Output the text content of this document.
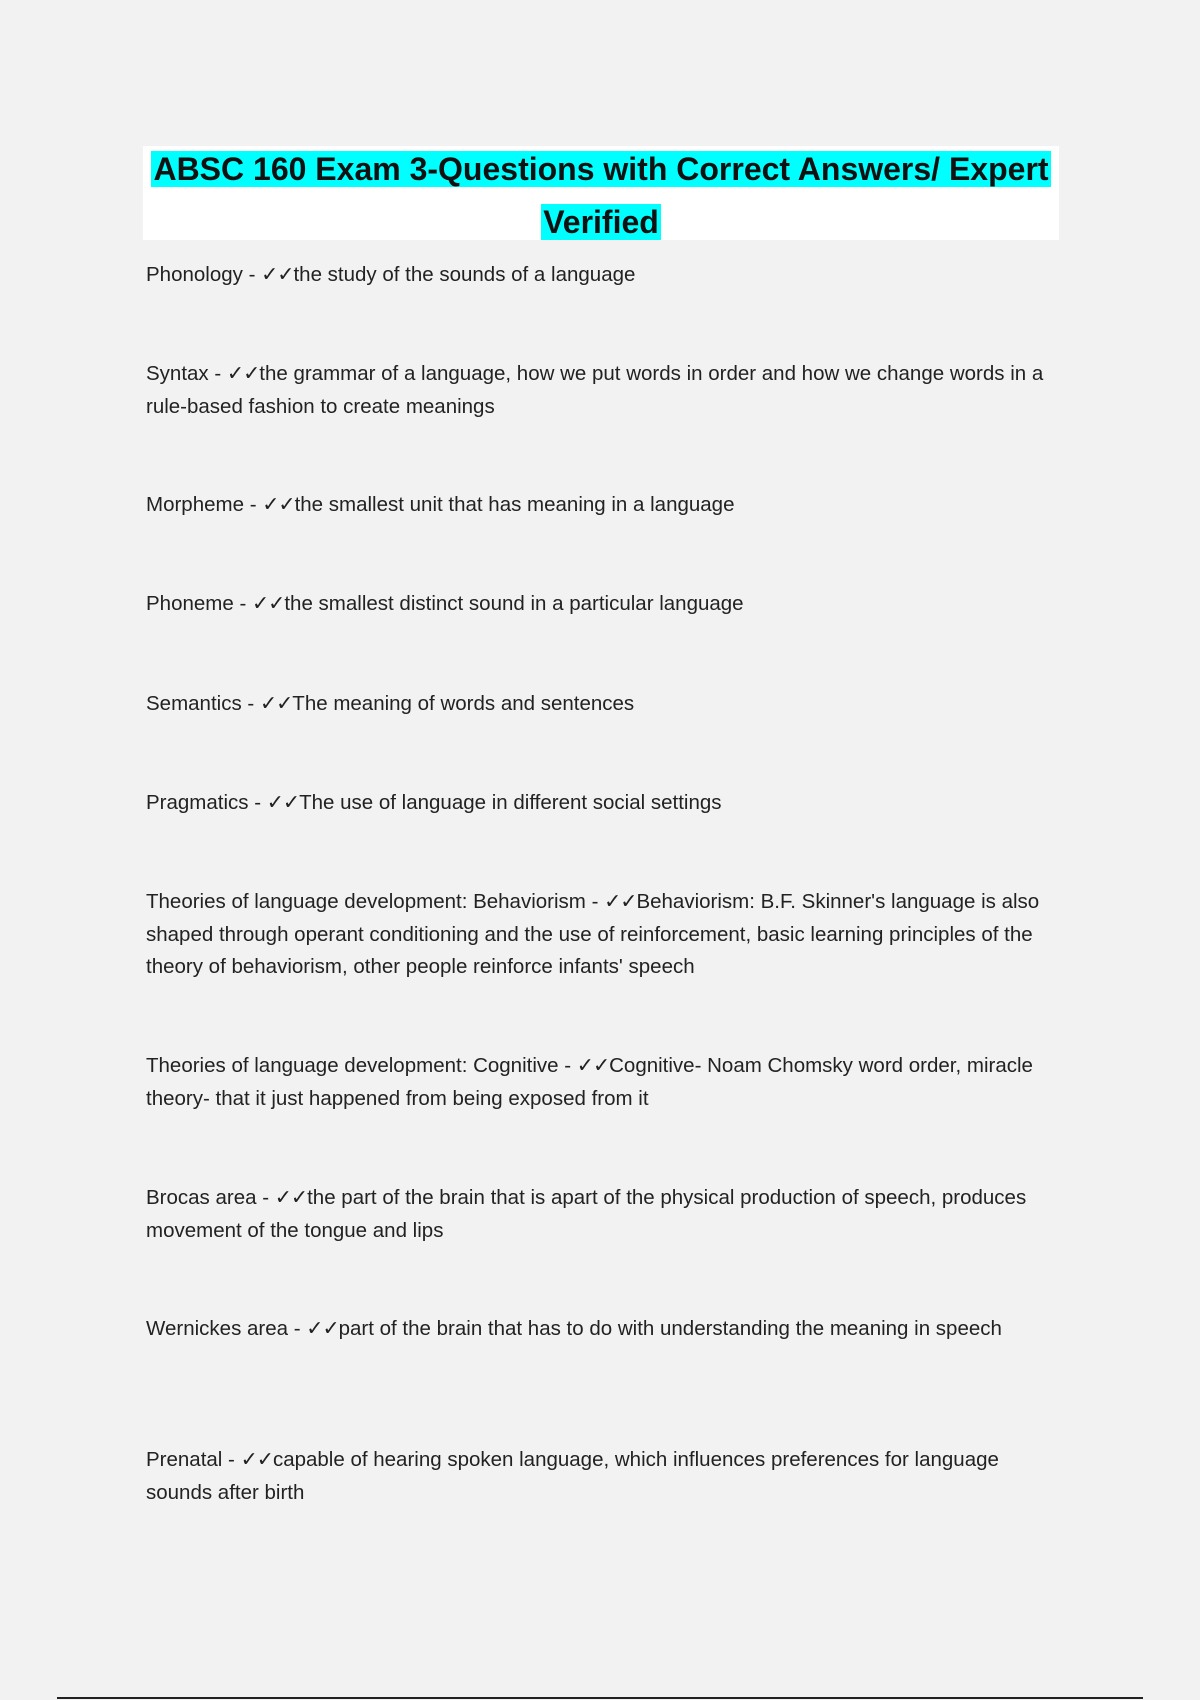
ABSC 160 Exam 3-Questions with Correct Answers/ Expert Verified
Phonology - ✓✓the study of the sounds of a language
Syntax - ✓✓the grammar of a language, how we put words in order and how we change words in a rule-based fashion to create meanings
Morpheme - ✓✓the smallest unit that has meaning in a language
Phoneme - ✓✓the smallest distinct sound in a particular language
Semantics - ✓✓The meaning of words and sentences
Pragmatics - ✓✓The use of language in different social settings
Theories of language development: Behaviorism - ✓✓Behaviorism: B.F. Skinner's language is also shaped through operant conditioning and the use of reinforcement, basic learning principles of the theory of behaviorism, other people reinforce infants' speech
Theories of language development: Cognitive - ✓✓Cognitive- Noam Chomsky word order, miracle theory- that it just happened from being exposed from it
Brocas area - ✓✓the part of the brain that is apart of the physical production of speech, produces movement of the tongue and lips
Wernickes area - ✓✓part of the brain that has to do with understanding the meaning in speech
Prenatal - ✓✓capable of hearing spoken language, which influences preferences for language sounds after birth
